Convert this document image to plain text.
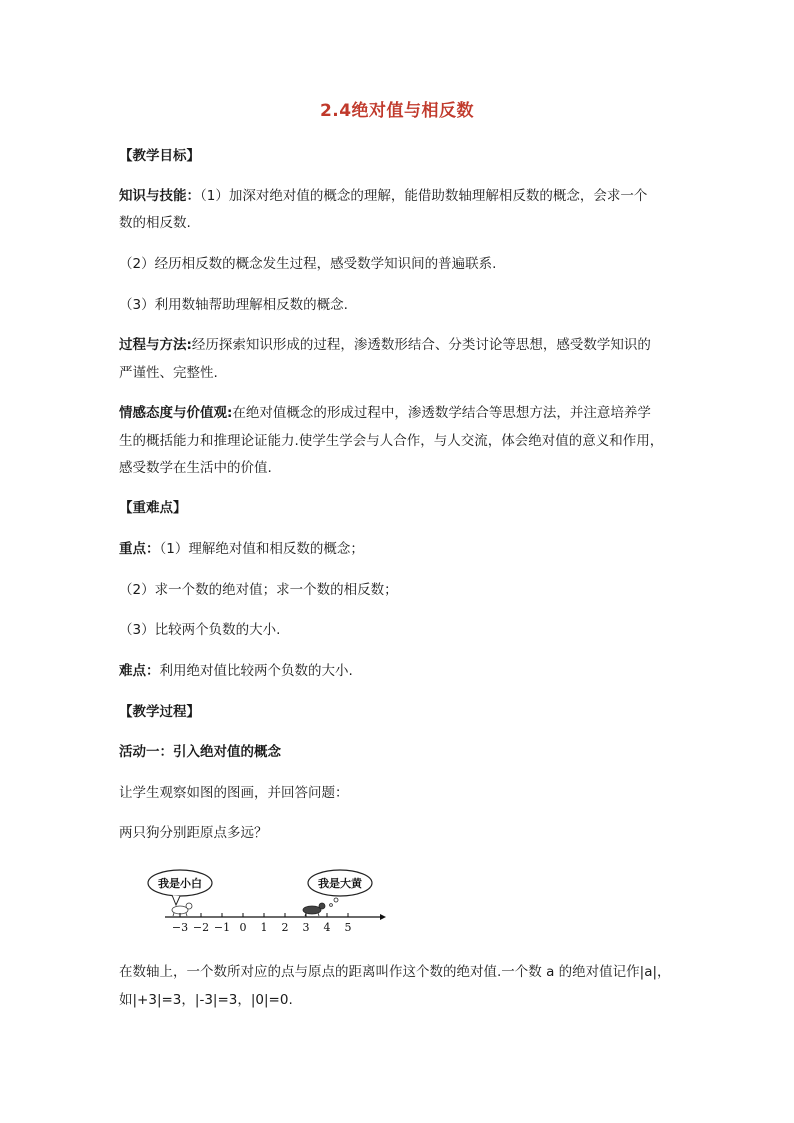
2.4绝对值与相反数
【教学目标】
知识与技能：（1）加深对绝对值的概念的理解，能借助数轴理解相反数的概念，会求一个
数的相反数.
（2）经历相反数的概念发生过程，感受数学知识间的普遍联系.
（3）利用数轴帮助理解相反数的概念.
过程与方法:经历探索知识形成的过程，渗透数形结合、分类讨论等思想，感受数学知识的
严谨性、完整性.
情感态度与价值观:在绝对值概念的形成过程中，渗透数学结合等思想方法，并注意培养学
生的概括能力和推理论证能力.使学生学会与人合作，与人交流，体会绝对值的意义和作用，
感受数学在生活中的价值.
【重难点】
重点：（1）理解绝对值和相反数的概念；
（2）求一个数的绝对值；求一个数的相反数；
（3）比较两个负数的大小.
难点：利用绝对值比较两个负数的大小.
【教学过程】
活动一：引入绝对值的概念
让学生观察如图的图画，并回答问题：
两只狗分别距原点多远？
我是小白	我是大黄
−3 −2 −1 0 1 2 3 4 5
在数轴上，一个数所对应的点与原点的距离叫作这个数的绝对值.一个数 a 的绝对值记作|a|，
如|+3|=3，|-3|=3，|0|=0.
